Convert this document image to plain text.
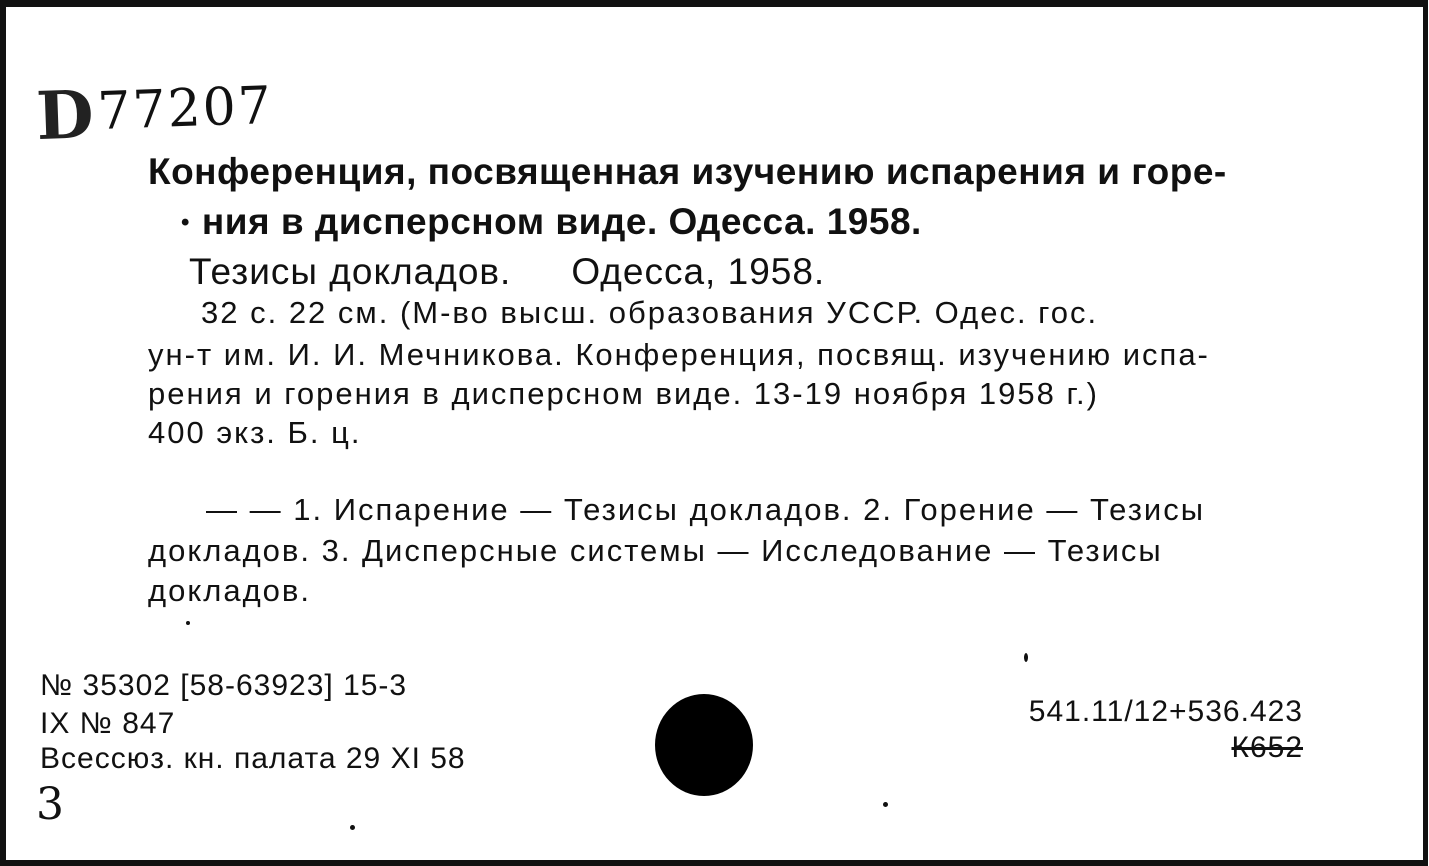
D77207
Конференция, посвященная изучению испарения и горе-
• ния в дисперсном виде. Одесса. 1958.
Тезисы докладов. Одесса, 1958.
32 с. 22 см. (М-во высш. образования УССР. Одес. гос.
ун-т им. И. И. Мечникова. Конференция, посвящ. изучению испа-
рения и горения в дисперсном виде. 13-19 ноября 1958 г.)
400 экз. Б. ц.
— — 1. Испарение — Тезисы докладов. 2. Горение — Тезисы
докладов. 3. Дисперсные системы — Исследование — Тезисы
докладов.
№ 35302 [58-63923] 15-3
IX № 847
Всессюз. кн. палата 29 XI 58
541.11/12+536.423
К652
3
